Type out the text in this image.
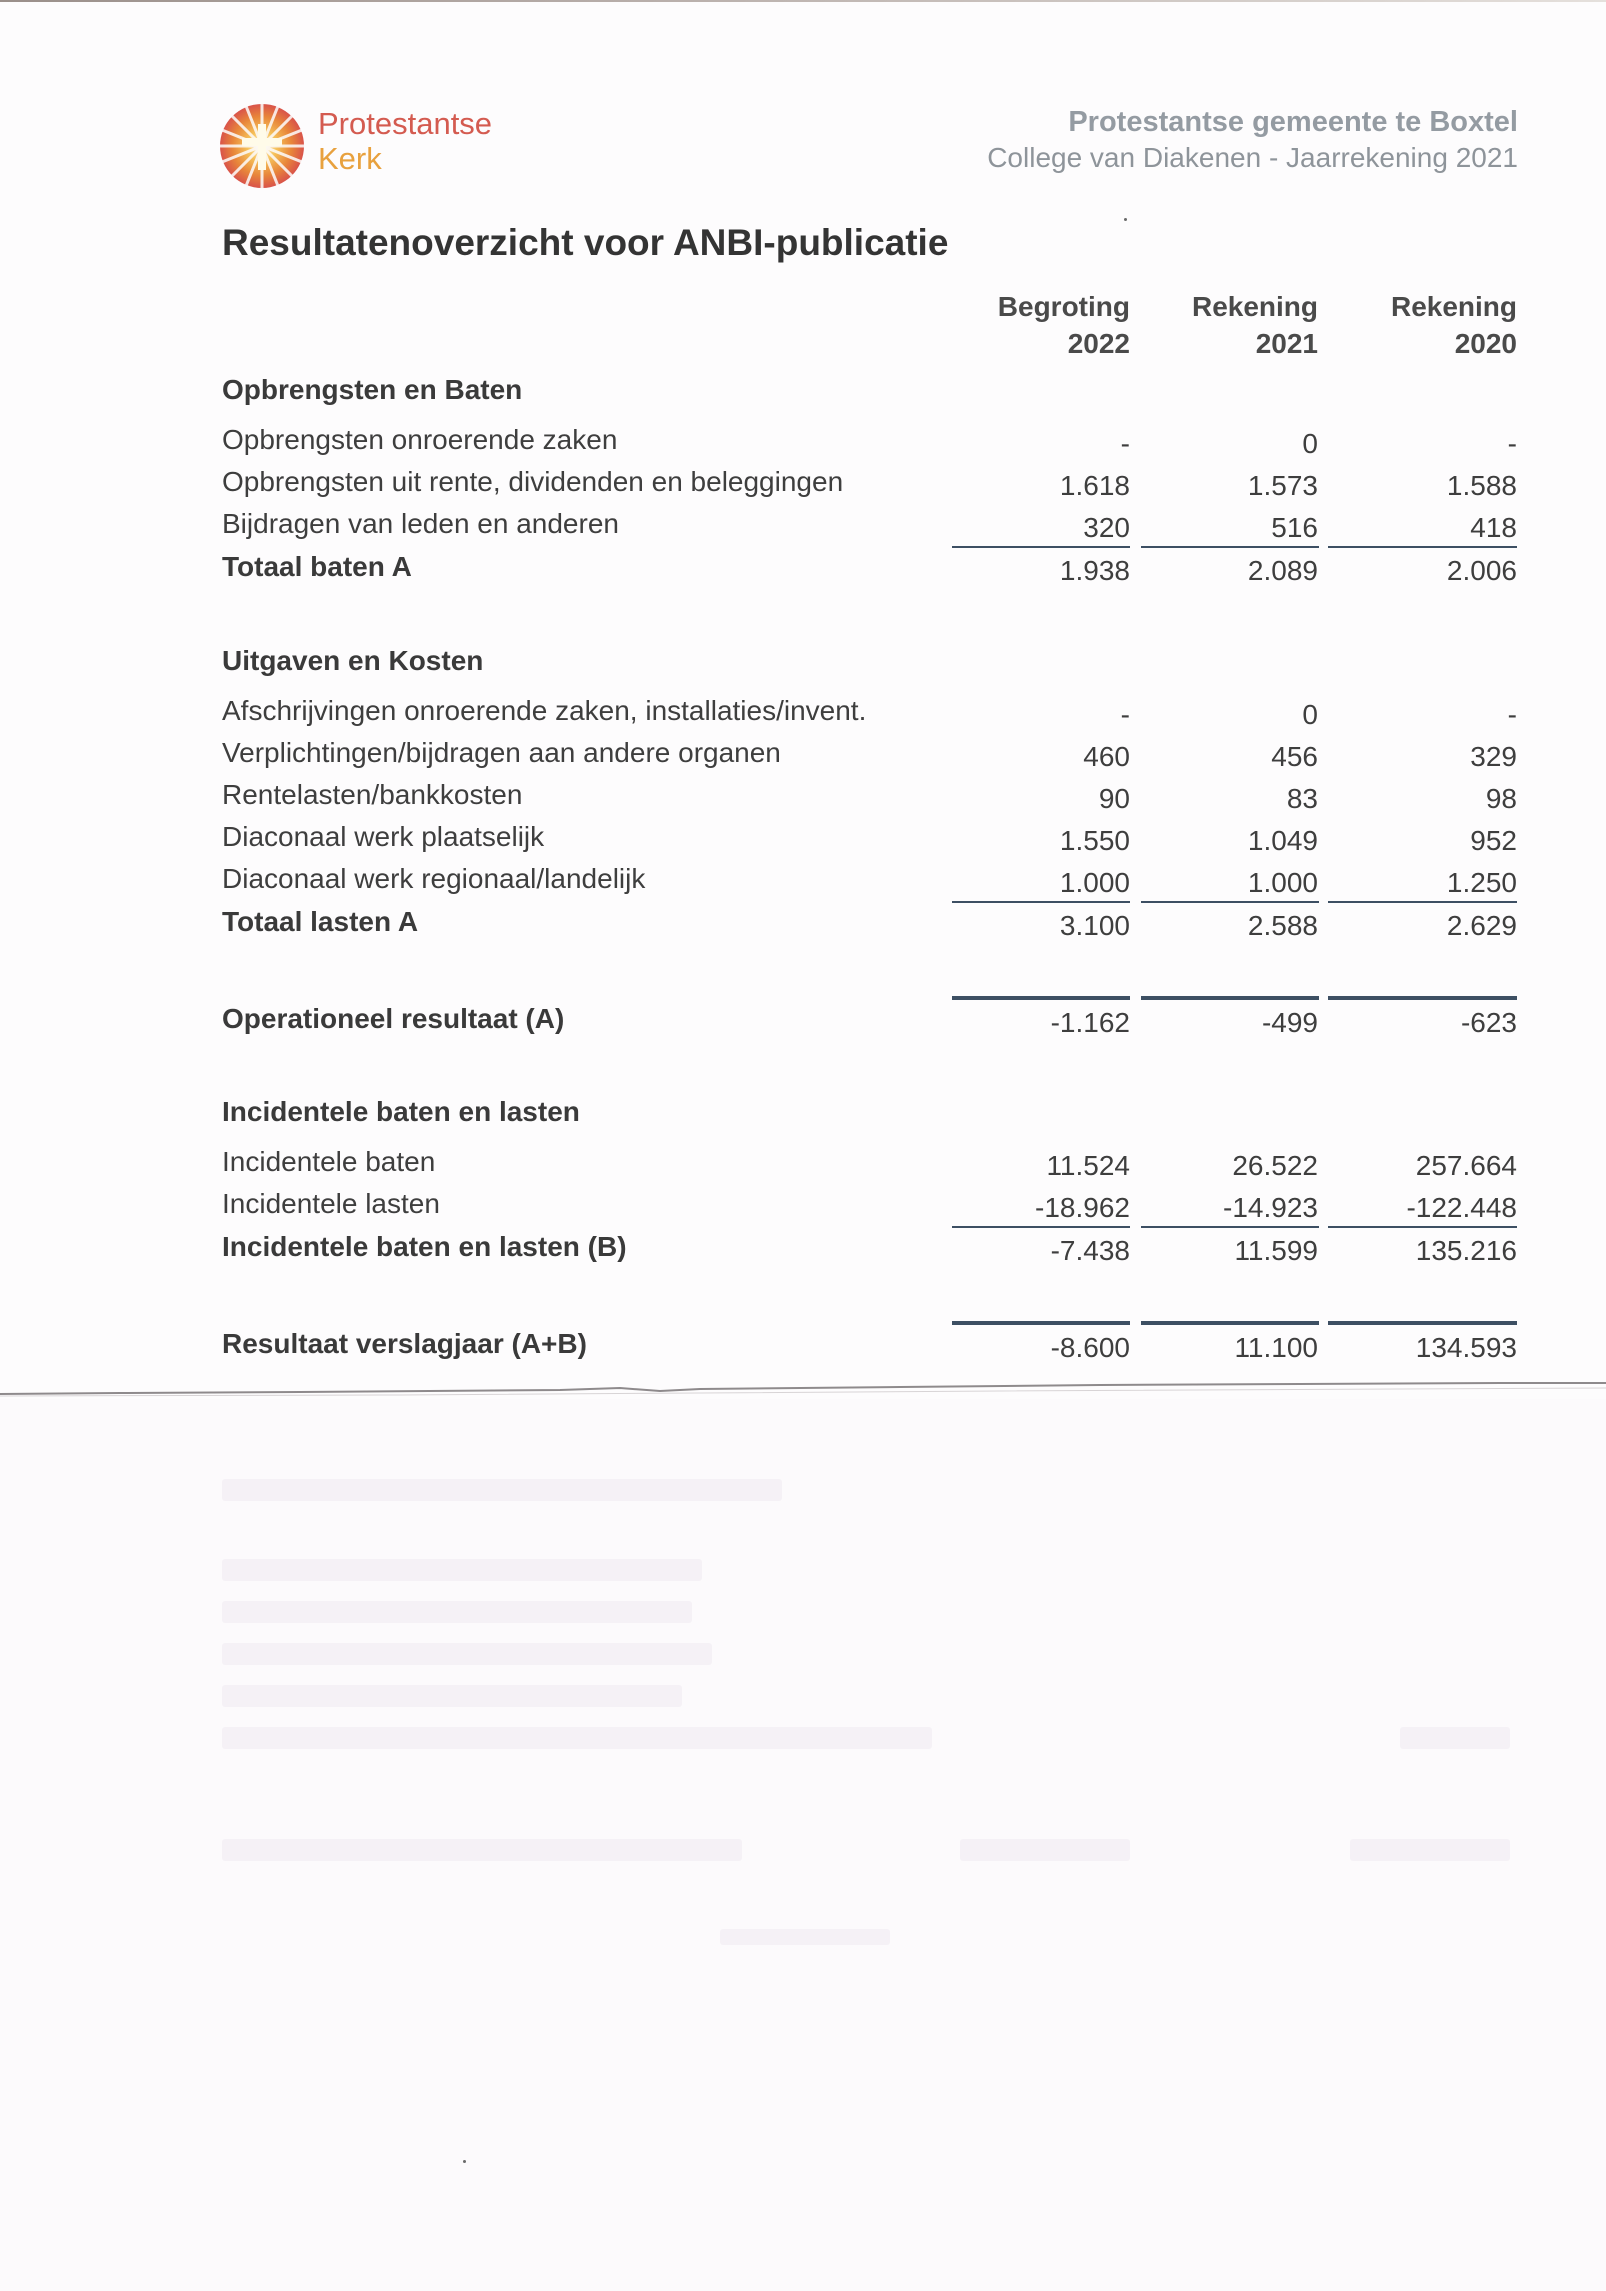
Protestantse
Kerk
Protestantse gemeente te Boxtel
College van Diakenen - Jaarrekening 2021
Resultatenoverzicht voor ANBI-publicatie
Begroting
2022
Rekening
2021
Rekening
2020
Opbrengsten en Baten
Opbrengsten onroerende zaken	-	0	-
Opbrengsten uit rente, dividenden en beleggingen	1.618	1.573	1.588
Bijdragen van leden en anderen	320	516	418
Totaal baten A	1.938	2.089	2.006
Uitgaven en Kosten
Afschrijvingen onroerende zaken, installaties/invent.	-	0	-
Verplichtingen/bijdragen aan andere organen	460	456	329
Rentelasten/bankkosten	90	83	98
Diaconaal werk plaatselijk	1.550	1.049	952
Diaconaal werk regionaal/landelijk	1.000	1.000	1.250
Totaal lasten A	3.100	2.588	2.629
Operationeel resultaat (A)	-1.162	-499	-623
Incidentele baten en lasten
Incidentele baten	11.524	26.522	257.664
Incidentele lasten	-18.962	-14.923	-122.448
Incidentele baten en lasten (B)	-7.438	11.599	135.216
Resultaat verslagjaar (A+B)	-8.600	11.100	134.593
